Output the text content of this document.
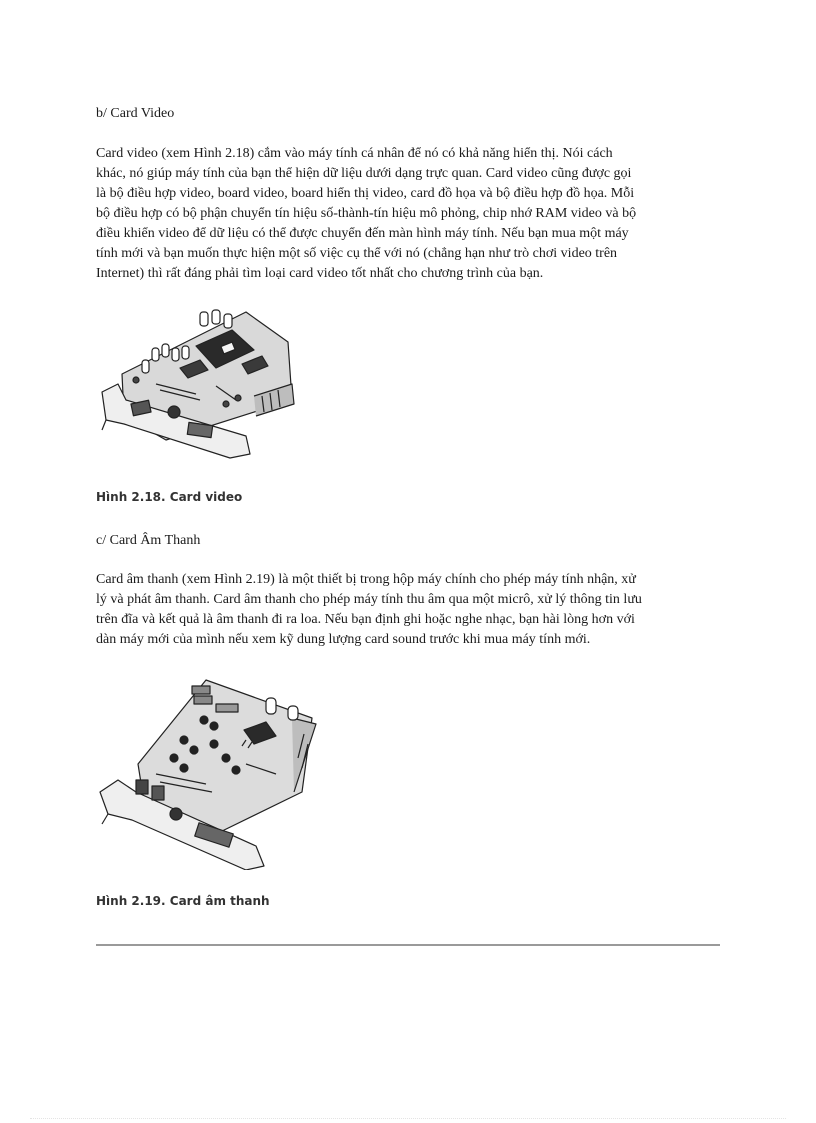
b/ Card Video

Card video (xem Hình 2.18) cắm vào máy tính cá nhân để nó có khả năng hiển thị. Nói cách
khác, nó giúp máy tính của bạn thể hiện dữ liệu dưới dạng trực quan. Card video cũng được gọi
là bộ điều hợp video, board video, board hiển thị video, card đồ họa và bộ điều hợp đồ họa. Mỗi
bộ điều hợp có bộ phận chuyển tín hiệu số-thành-tín hiệu mô phỏng, chip nhớ RAM video và bộ
điều khiển video để dữ liệu có thể được chuyển đến màn hình máy tính. Nếu bạn mua một máy
tính mới và bạn muốn thực hiện một số việc cụ thể với nó (chẳng hạn như trò chơi video trên
Internet) thì rất đáng phải tìm loại card video tốt nhất cho chương trình của bạn.

Hình 2.18. Card video
c/ Card Âm Thanh

Card âm thanh (xem Hình 2.19) là một thiết bị trong hộp máy chính cho phép máy tính nhận, xử
lý và phát âm thanh. Card âm thanh cho phép máy tính thu âm qua một micrô, xử lý thông tin lưu
trên đĩa và kết quả là âm thanh đi ra loa. Nếu bạn định ghi hoặc nghe nhạc, bạn hài lòng hơn với
dàn máy mới của mình nếu xem kỹ dung lượng card sound trước khi mua máy tính mới.

Hình 2.19. Card âm thanh
